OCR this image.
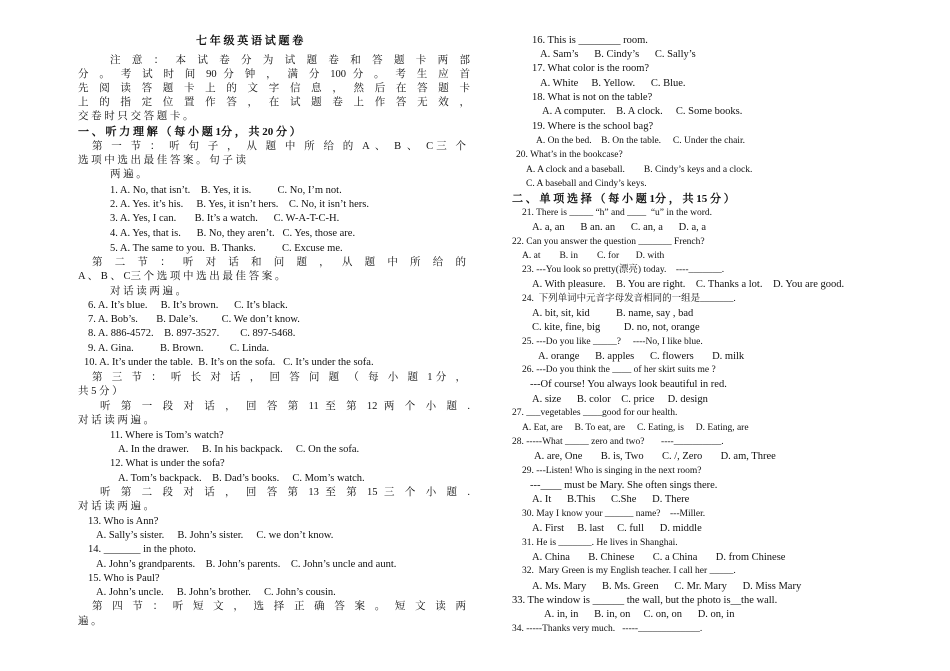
七 年 级 英 语 试 题 卷
注 意 ： 本 试 卷 分 为 试 题 卷 和 答 题 卡 两 部
分 。 考 试 时 间 90 分 钟 ， 满 分 100 分 。 考 生 应 首
先 阅 读 答 题 卡 上 的 文 字 信 息 ， 然 后 在 答 题 卡
上 的 指 定 位 置 作 答 ， 在 试 题 卷 上 作 答 无 效 ，
交 卷 时 只 交 答 题 卡 。
一 、 听 力 理 解 （ 每 小 题 1分 ， 共 20 分 ）
第 一 节 ： 听 句 子 ， 从 题 中 所 给 的 A 、 B 、 C三 个
选 项 中 选 出 最 佳 答 案 。 句 子 读
两 遍 。
1. A. No, that isn’t.    B. Yes, it is.          C. No, I’m not.
2. A. Yes. it’s his.     B. Yes, it isn’t hers.    C. No, it isn’t hers.
3. A. Yes, I can.       B. It’s a watch.      C. W-A-T-C-H.
4. A. Yes, that is.      B. No, they aren’t.   C. Yes, those are.
5. A. The same to you.  B. Thanks.          C. Excuse me.
第 二 节 ： 听 对 话 和 问 题 ， 从 题 中 所 给 的
A 、 B 、 C三 个 选 项 中 选 出 最 佳 答 案 。
对 话 读 两 遍 。
6. A. It’s blue.     B. It’s brown.      C. It’s black.
7. A. Bob’s.       B. Dale’s.         C. We don’t know.
8. A. 886-4572.    B. 897-3527.        C. 897-5468.
9. A. Gina.          B. Brown.          C. Linda.
10. A. It’s under the table.  B. It’s on the sofa.   C. It’s under the sofa.
第 三 节 ： 听 长 对 话 ， 回 答 问 题 （ 每 小 题 1分 ，
共 5 分 ）
听 第 一 段 对 话 ， 回 答 第 11 至 第 12 两 个 小 题 .
对 话 读 两 遍 。
11. Where is Tom’s watch?
A. In the drawer.     B. In his backpack.     C. On the sofa.
12. What is under the sofa?
A. Tom’s backpack.    B. Dad’s books.     C. Mom’s watch.
听 第 二 段 对 话 ， 回 答 第 13 至 第 15 三 个 小 题 .
对 话 读 两 遍 。
13. Who is Ann?
A. Sally’s sister.     B. John’s sister.     C. we don’t know.
14. _______ in the photo.
A. John’s grandparents.    B. John’s parents.    C. John’s uncle and aunt.
15. Who is Paul?
A. John’s uncle.     B. John’s brother.     C. John’s cousin.
第 四 节 ： 听 短 文 ， 选 择 正 确 答 案 。 短 文 读 两
遍 。
16. This is ________ room.
A. Sam’s      B. Cindy’s      C. Sally’s
17. What color is the room?
A. White     B. Yellow.      C. Blue.
18. What is not on the table?
A. A computer.    B. A clock.     C. Some books.
19. Where is the school bag?
A. On the bed.    B. On the table.     C. Under the chair.
20. What’s in the bookcase?
A. A clock and a baseball.        B. Cindy’s keys and a clock.
C. A baseball and Cindy’s keys.
二 、 单 项 选 择 （ 每 小 题 1分 ， 共 15 分 ）
21. There is _____ “h” and ____  “u” in the word.
A. a, an      B an. an      C. an, a      D. a, a
22. Can you answer the question _______ French?
A. at        B. in        C. for       D. with
23. ---You look so pretty(漂亮) today.    ----_______.
A. With pleasure.    B. You are right.    C. Thanks a lot.    D. You are good.
24.  下列单词中元音字母发音相同的一组是_______.
A. bit, sit, kid          B. name, say , bad
C. kite, fine, big         D. no, not, orange
25. ---Do you like _____?     ----No, I like blue.
A. orange      B. apples      C. flowers       D. milk
26. ---Do you think the ____ of her skirt suits me ?
---Of course! You always look beautiful in red.
A. size      B. color    C. price     D. design
27. ___vegetables ____good for our health.
A. Eat, are     B. To eat, are     C. Eating, is     D. Eating, are
28. -----What _____ zero and two?       ----__________.
A. are, One       B. is, Two       C. /, Zero       D. am, Three
29. ---Listen! Who is singing in the next room?
---____ must be Mary. She often sings there.
A. It      B.This      C.She      D. There
30. May I know your ______ name?    ---Miller.
A. First     B. last     C. full      D. middle
31. He is _______. He lives in Shanghai.
A. China       B. Chinese       C. a China       D. from Chinese
32.  Mary Green is my English teacher. I call her _____.
A. Ms. Mary      B. Ms. Green      C. Mr. Mary      D. Miss Mary
33. The window is ______ the wall, but the photo is__the wall.
A. in, in      B. in, on     C. on, on      D. on, in
34. -----Thanks very much.   -----_____________.
